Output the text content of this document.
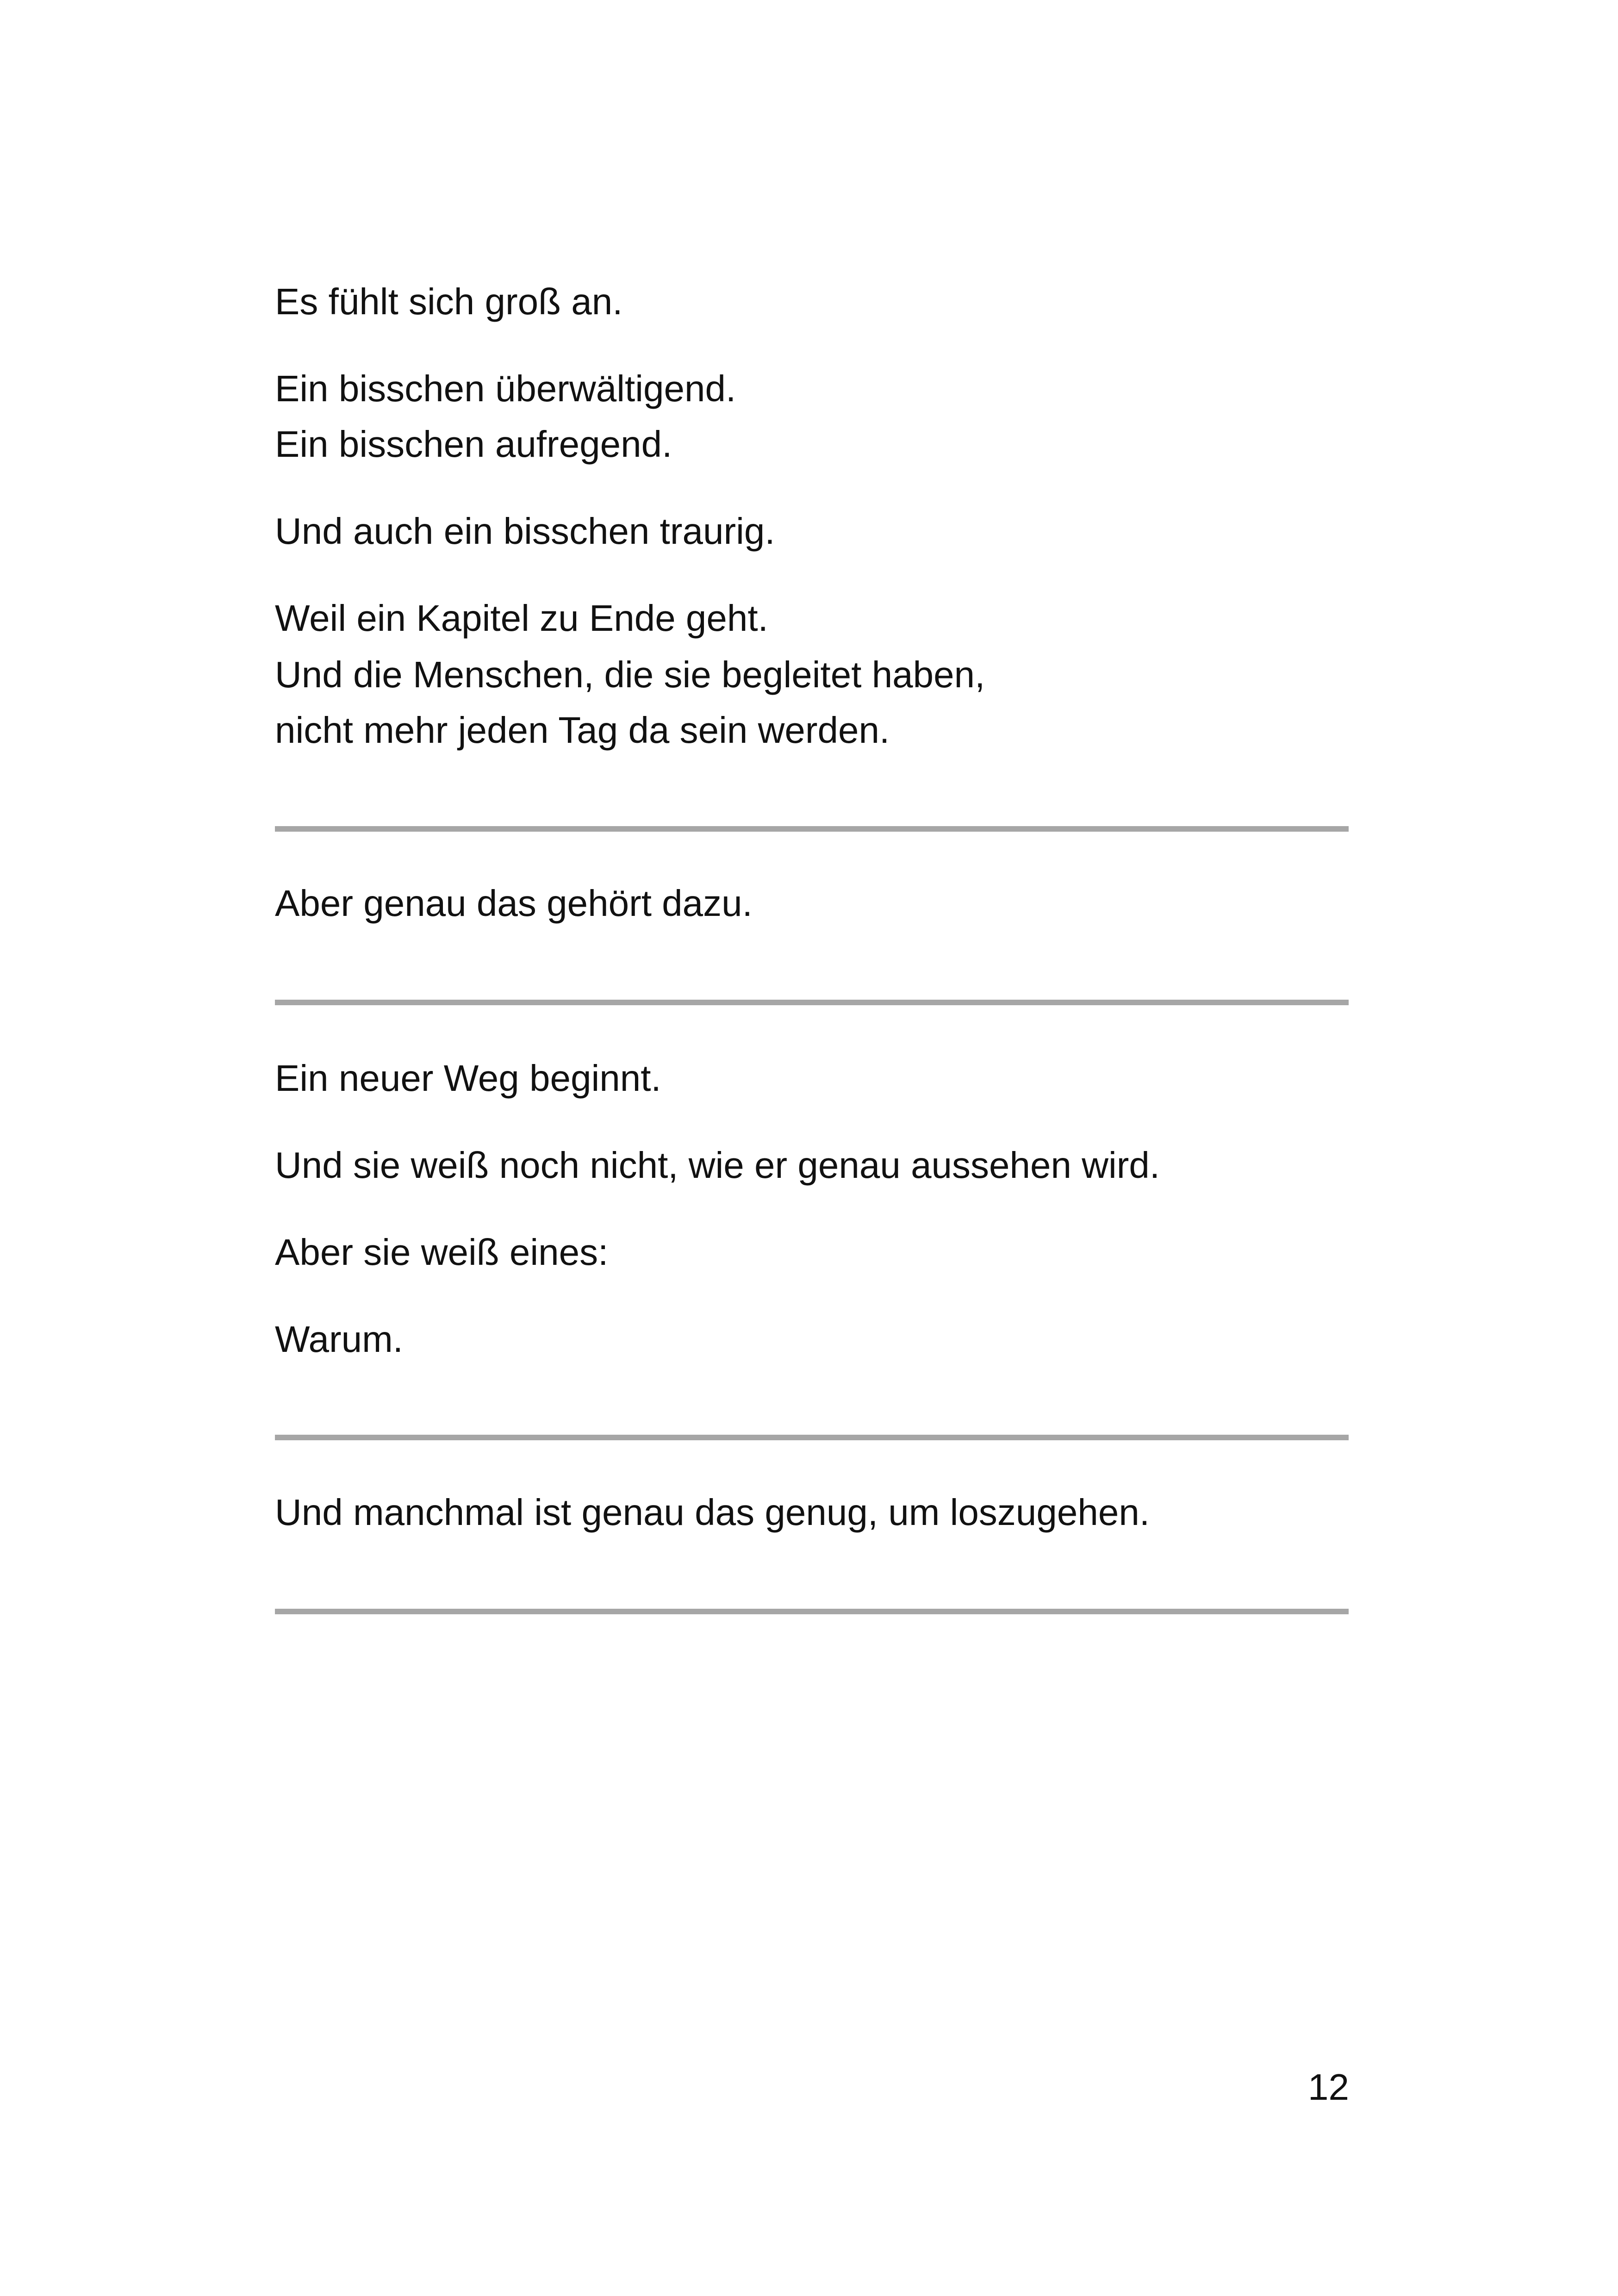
Es fühlt sich groß an.
Ein bisschen überwältigend.
Ein bisschen aufregend.
Und auch ein bisschen traurig.
Weil ein Kapitel zu Ende geht.
Und die Menschen, die sie begleitet haben,
nicht mehr jeden Tag da sein werden.
Aber genau das gehört dazu.
Ein neuer Weg beginnt.
Und sie weiß noch nicht, wie er genau aussehen wird.
Aber sie weiß eines:
Warum.
Und manchmal ist genau das genug, um loszugehen.
12
